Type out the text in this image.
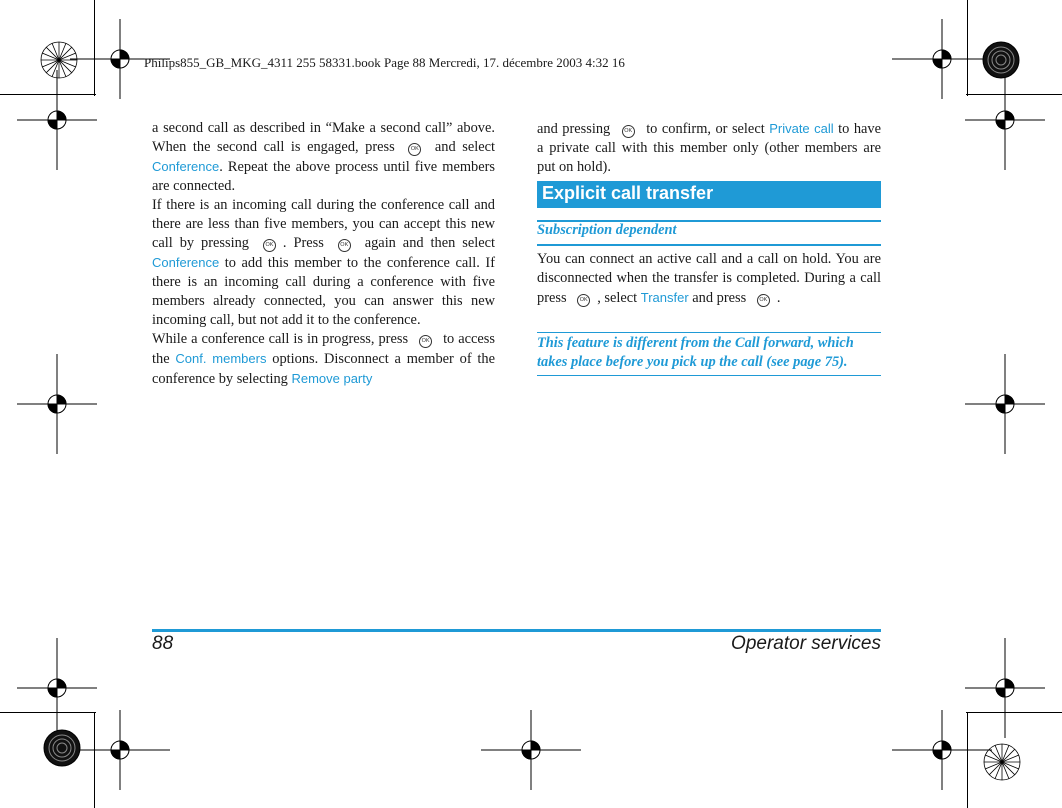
Philips855_GB_MKG_4311 255 58331.book Page 88 Mercredi, 17. décembre 2003 4:32 16

a second call as described in “Make a second call” above. When the second call is engaged, press	OK and select Conference. Repeat the above process until five members are connected.

If there is an incoming call during the conference call and there are less than five members, you can accept this new call by pressing	OK . Press	OK again and then select Conference to add this member to the conference call. If there is an incoming call during a conference with five members already connected, you can answer this new incoming call, but not add it to the conference.

While a conference call is in progress, press OK to access the Conf. members options. Disconnect a member of the conference by selecting Remove party

and pressing	OK to confirm, or select Private call to have a private call with this member only (other members are put on hold).

Explicit call transfer
Subscription dependent

You can connect an active call and a call on hold. You are disconnected when the transfer is completed. During a call press OK , select Transfer and press OK .

This feature is different from the Call forward, which takes place before you pick up the call (see page 75).
88	Operator services
